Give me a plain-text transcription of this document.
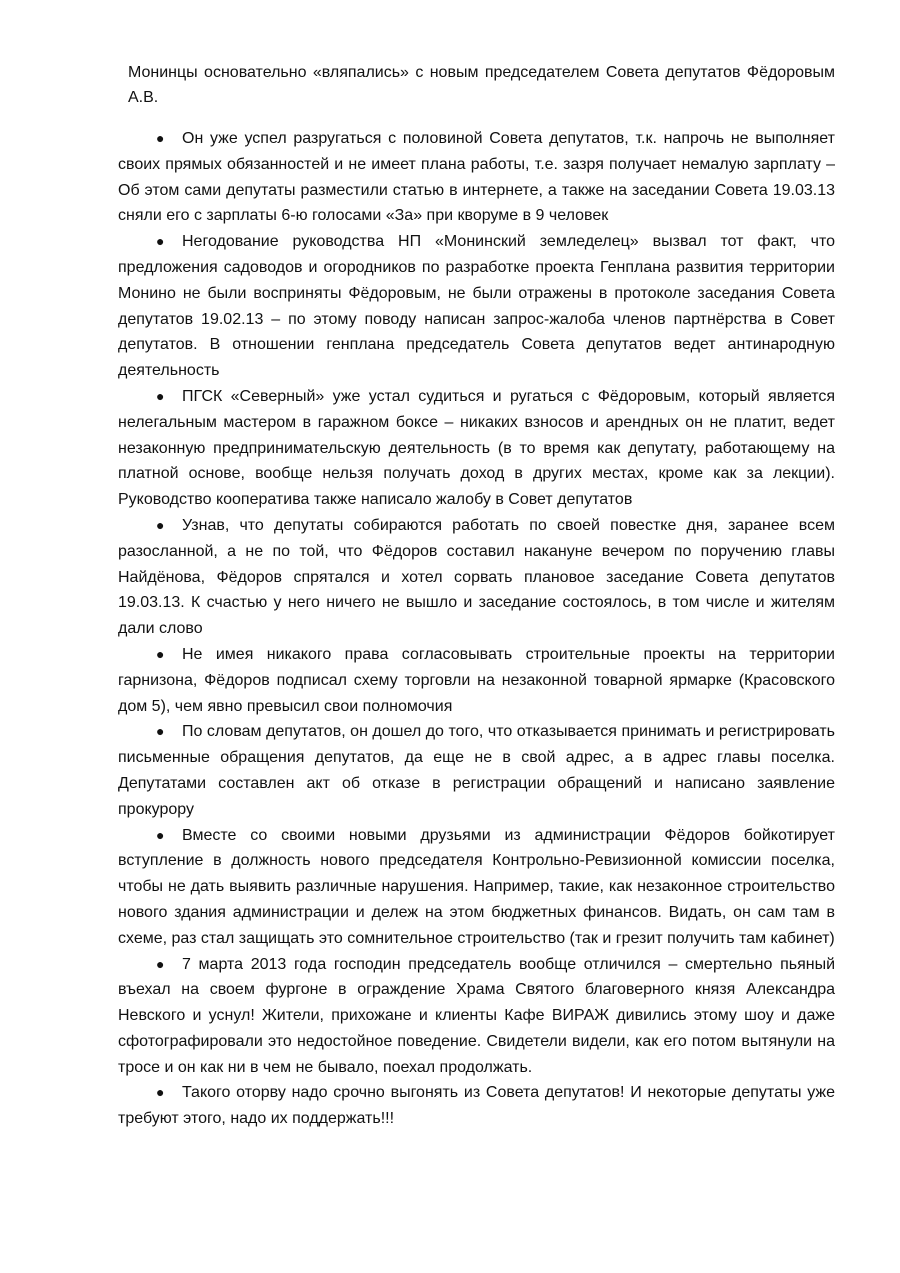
Монинцы основательно «вляпались» с новым председателем Совета депутатов Фёдоровым А.В.

● Он уже успел разругаться с половиной Совета депутатов, т.к. напрочь не выполняет своих прямых обязанностей и не имеет плана работы, т.е. зазря получает немалую зарплату – Об этом сами депутаты разместили статью в интернете, а также на заседании Совета 19.03.13 сняли его с зарплаты 6-ю голосами «За» при кворуме в 9 человек
● Негодование руководства НП «Монинский земледелец» вызвал тот факт, что предложения садоводов и огородников по разработке проекта Генплана развития территории Монино не были восприняты Фёдоровым, не были отражены в протоколе заседания Совета депутатов 19.02.13 – по этому поводу написан запрос-жалоба членов партнёрства в Совет депутатов. В отношении генплана председатель Совета депутатов ведет антинародную деятельность
● ПГСК «Северный» уже устал судиться и ругаться с Фёдоровым, который является нелегальным мастером в гаражном боксе – никаких взносов и арендных он не платит, ведет незаконную предпринимательскую деятельность (в то время как депутату, работающему на платной основе, вообще нельзя получать доход в других местах, кроме как за лекции). Руководство кооператива также написало жалобу в Совет депутатов
● Узнав, что депутаты собираются работать по своей повестке дня, заранее всем разосланной, а не по той, что Фёдоров составил накануне вечером по поручению главы Найдёнова, Фёдоров спрятался и хотел сорвать плановое заседание Совета депутатов 19.03.13. К счастью у него ничего не вышло и заседание состоялось, в том числе и жителям дали слово
● Не имея никакого права согласовывать строительные проекты на территории гарнизона, Фёдоров подписал схему торговли на незаконной товарной ярмарке (Красовского дом 5), чем явно превысил свои полномочия
● По словам депутатов, он дошел до того, что отказывается принимать и регистрировать письменные обращения депутатов, да еще не в свой адрес, а в адрес главы поселка. Депутатами составлен акт об отказе в регистрации обращений и написано заявление прокурору
● Вместе со своими новыми друзьями из администрации Фёдоров бойкотирует вступление в должность нового председателя Контрольно-Ревизионной комиссии поселка, чтобы не дать выявить различные нарушения. Например, такие, как незаконное строительство нового здания администрации и дележ на этом бюджетных финансов. Видать, он сам там в схеме, раз стал защищать это сомнительное строительство (так и грезит получить там кабинет)
● 7 марта 2013 года господин председатель вообще отличился – смертельно пьяный въехал на своем фургоне в ограждение Храма Святого благоверного князя Александра Невского и уснул! Жители, прихожане и клиенты Кафе ВИРАЖ дивились этому шоу и даже сфотографировали это недостойное поведение. Свидетели видели, как его потом вытянули на тросе и он как ни в чем не бывало, поехал продолжать.
● Такого оторву надо срочно выгонять из Совета депутатов! И некоторые депутаты уже требуют этого, надо их поддержать!!!
